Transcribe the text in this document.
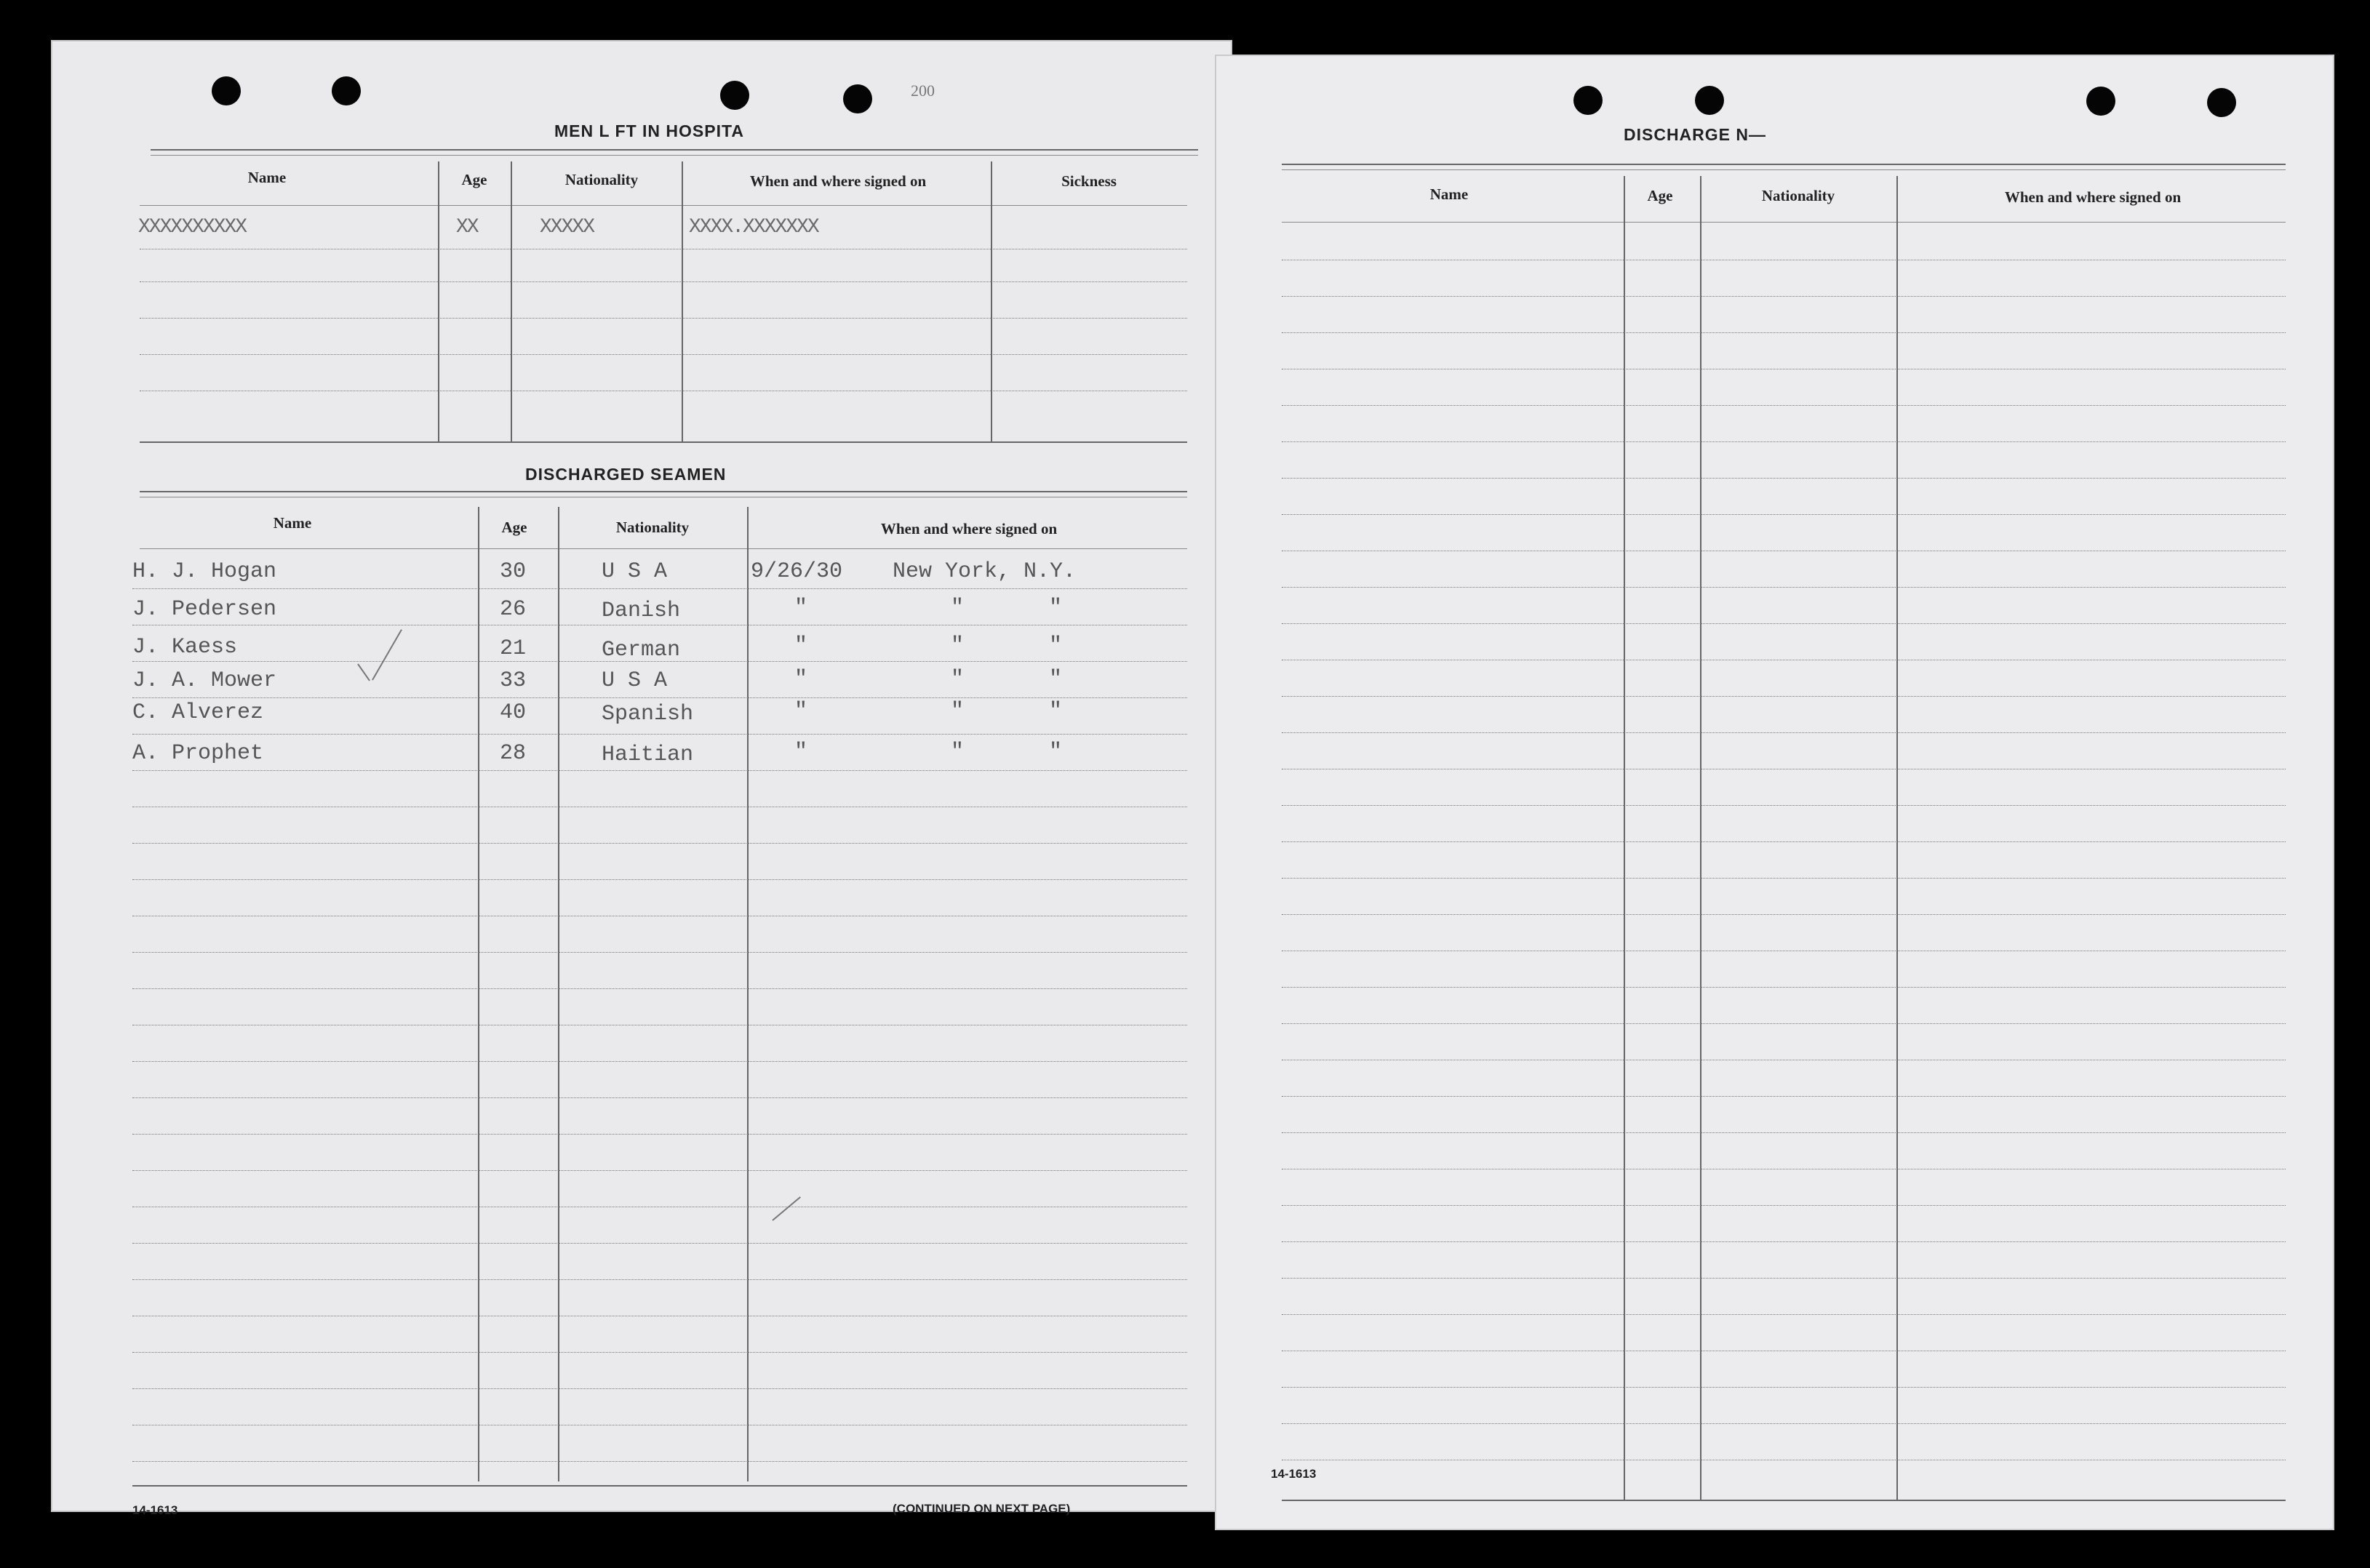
200
MEN L FT IN HOSPITA
Name	Age	Nationality	When and where signed on	Sickness
XXXXXXXXXX	XX	XXXXX	XXXX.XXXXXXX
DISCHARGED SEAMEN
Name	Age	Nationality	When and where signed on
H. J. Hogan	30	U S A	9/26/30 New York, N.Y.
J. Pedersen	26	Danish	"	"	"
J. Kaess	21	German	"	"	"
J. A. Mower	33	U S A	"	"	"
C. Alverez	40	Spanish	"	"	"
A. Prophet	28	Haitian	"	"	"
14-1613	(CONTINUED ON NEXT PAGE)
DISCHARGE N—
Name	Age	Nationality	When and where signed on
14-1613
